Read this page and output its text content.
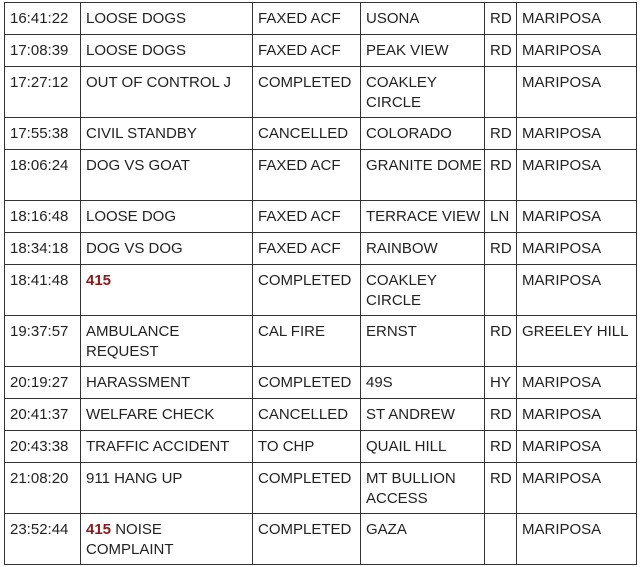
16:41:22	LOOSE DOGS	FAXED ACF	USONA	RD	MARIPOSA
17:08:39	LOOSE DOGS	FAXED ACF	PEAK VIEW	RD	MARIPOSA
17:27:12	OUT OF CONTROL J	COMPLETED	COAKLEY CIRCLE		MARIPOSA
17:55:38	CIVIL STANDBY	CANCELLED	COLORADO	RD	MARIPOSA
18:06:24	DOG VS GOAT	FAXED ACF	GRANITE DOME	RD	MARIPOSA
18:16:48	LOOSE DOG	FAXED ACF	TERRACE VIEW	LN	MARIPOSA
18:34:18	DOG VS DOG	FAXED ACF	RAINBOW	RD	MARIPOSA
18:41:48	415	COMPLETED	COAKLEY CIRCLE		MARIPOSA
19:37:57	AMBULANCE REQUEST	CAL FIRE	ERNST	RD	GREELEY HILL
20:19:27	HARASSMENT	COMPLETED	49S	HY	MARIPOSA
20:41:37	WELFARE CHECK	CANCELLED	ST ANDREW	RD	MARIPOSA
20:43:38	TRAFFIC ACCIDENT	TO CHP	QUAIL HILL	RD	MARIPOSA
21:08:20	911 HANG UP	COMPLETED	MT BULLION ACCESS	RD	MARIPOSA
23:52:44	415 NOISE COMPLAINT	COMPLETED	GAZA		MARIPOSA
